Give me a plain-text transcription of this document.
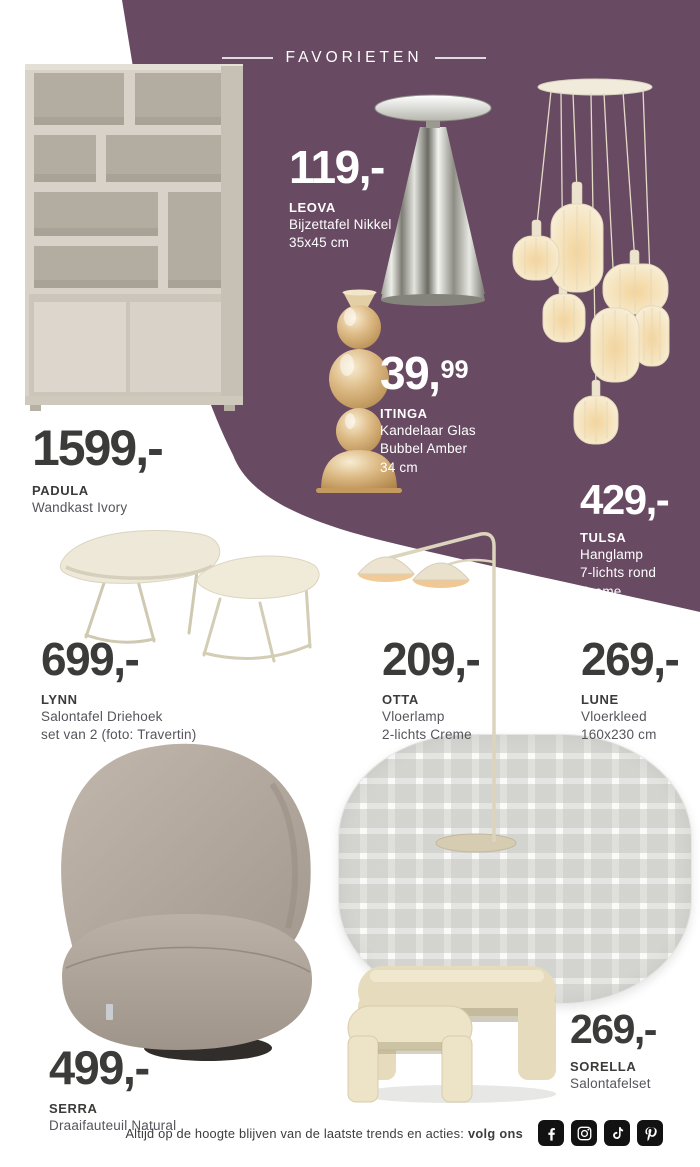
FAVORIETEN
1599,-
PADULA
Wandkast Ivory
119,-
LEOVA
Bijzettafel Nikkel
35x45 cm
39,99
ITINGA
Kandelaar Glas
Bubbel Amber
34 cm
429,-
TULSA
Hanglamp
7-lichts rond
Creme
699,-
LYNN
Salontafel Driehoek
set van 2 (foto: Travertin)
209,-
OTTA
Vloerlamp
2-lichts Creme
269,-
LUNE
Vloerkleed
160x230 cm
499,-
SERRA
Draaifauteuil Natural
269,-
SORELLA
Salontafelset
Altijd op de hoogte blijven van de laatste trends en acties: volg ons
